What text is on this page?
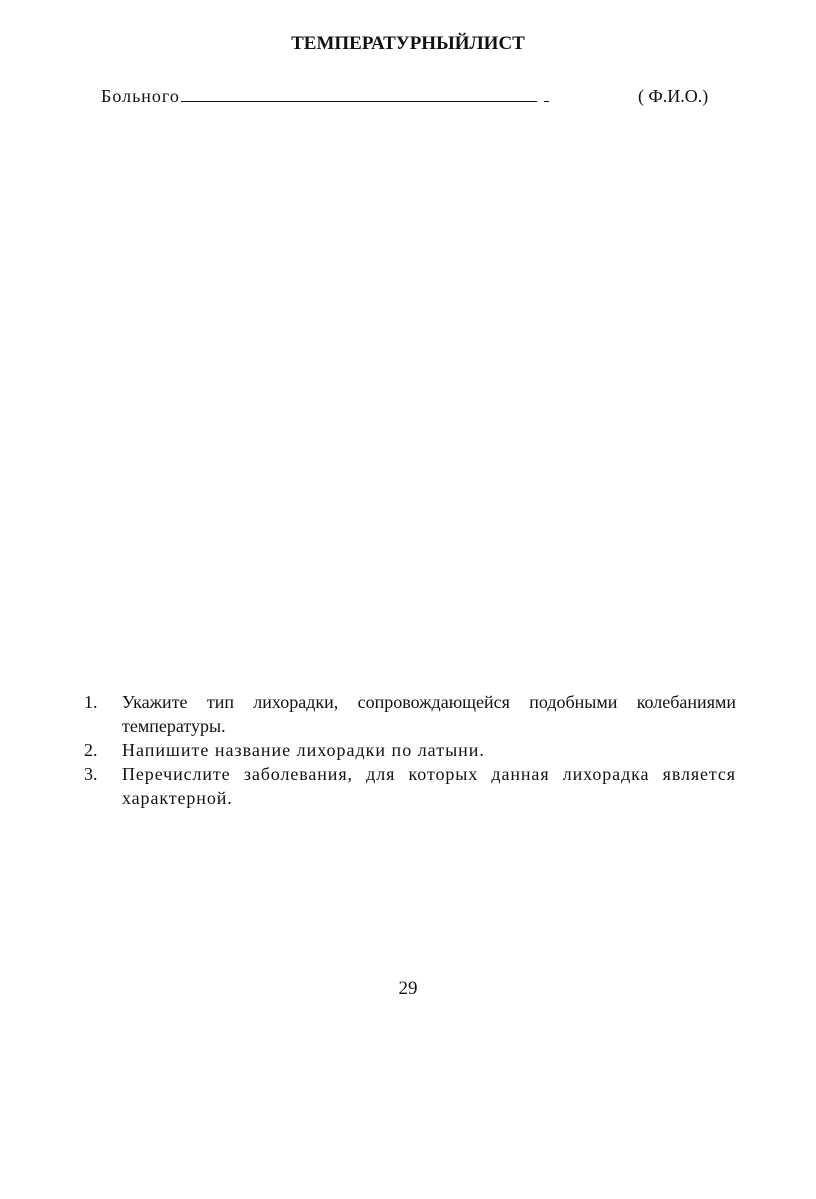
ТЕМПЕРАТУРНЫЙЛИСТ
Больного	( Ф.И.О.)
1. Укажите тип лихорадки, сопровождающейся подобными колебаниями температуры.
2. Напишите название лихорадки по латыни.
3. Перечислите заболевания, для которых данная лихорадка является характерной.
29
